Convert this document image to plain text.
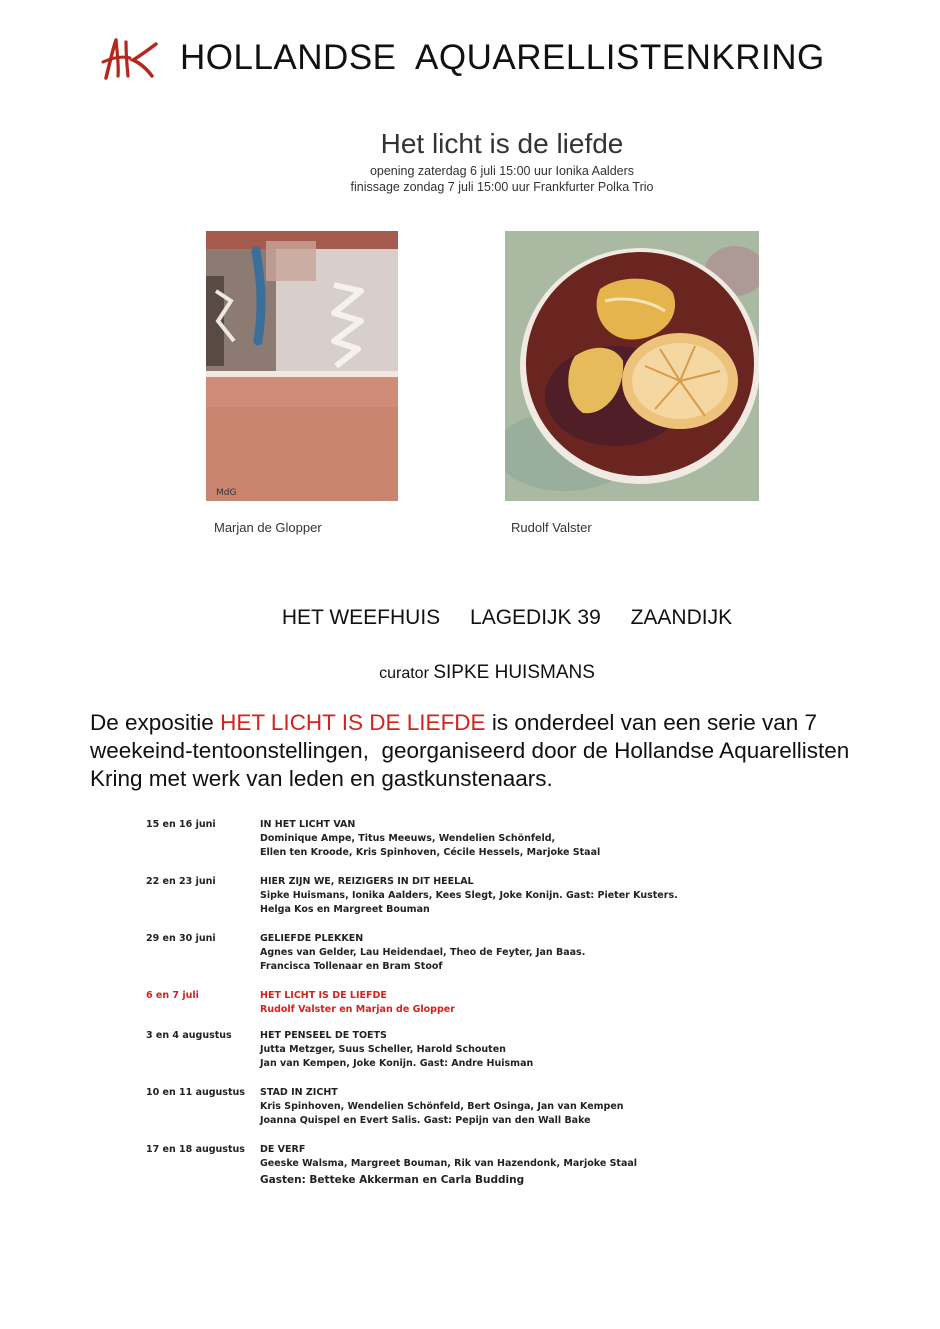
HOLLANDSE  AQUARELLISTENKRING
Het licht is de liefde
opening zaterdag 6 juli 15:00 uur Ionika Aalders
finissage zondag 7 juli 15:00 uur Frankfurter Polka Trio
MdG
Marjan de Glopper	Rudolf Valster
HET WEEFHUIS LAGEDIJK 39 ZAANDIJK
curator SIPKE HUISMANS
De expositie HET LICHT IS DE LIEFDE is onderdeel van een serie van 7 weekeind-tentoonstellingen,  georganiseerd door de Hollandse Aquarellisten Kring met werk van leden en gastkunstenaars.
15 en 16 juni	IN HET LICHT VAN
Dominique Ampe, Titus Meeuws, Wendelien Schönfeld,
Ellen ten Kroode, Kris Spinhoven, Cécile Hessels, Marjoke Staal
22 en 23 juni	HIER ZIJN WE, REIZIGERS IN DIT HEELAL
Sipke Huismans, Ionika Aalders, Kees Slegt, Joke Konijn. Gast: Pieter Kusters.
Helga Kos en Margreet Bouman
29 en 30 juni	GELIEFDE PLEKKEN
Agnes van Gelder, Lau Heidendael, Theo de Feyter, Jan Baas.
Francisca Tollenaar en Bram Stoof
6 en 7 juli	HET LICHT IS DE LIEFDE
Rudolf Valster en Marjan de Glopper
3 en 4 augustus	HET PENSEEL DE TOETS
Jutta Metzger, Suus Scheller, Harold Schouten
Jan van Kempen, Joke Konijn. Gast: Andre Huisman
10 en 11 augustus	STAD IN ZICHT
Kris Spinhoven, Wendelien Schönfeld, Bert Osinga, Jan van Kempen
Joanna Quispel en Evert Salis. Gast: Pepijn van den Wall Bake
17 en 18 augustus	DE VERF
Geeske Walsma, Margreet Bouman, Rik van Hazendonk, Marjoke Staal
Gasten: Betteke Akkerman en Carla Budding
